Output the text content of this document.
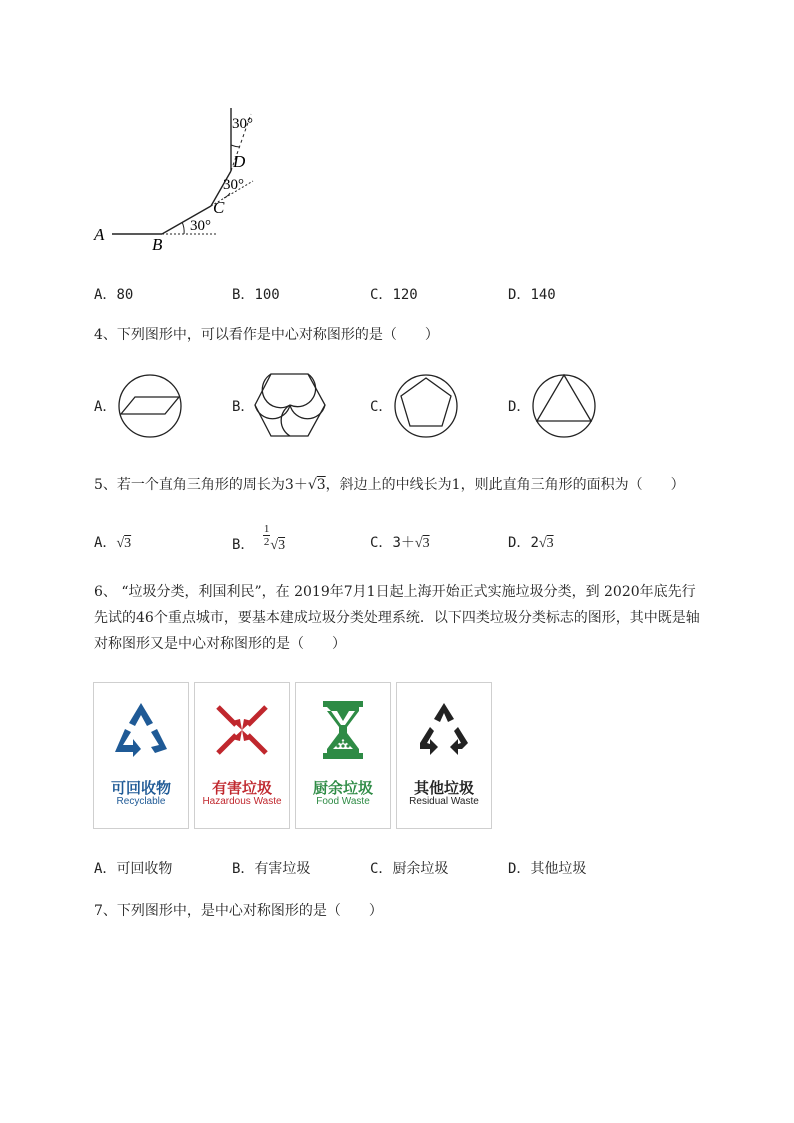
A
B
C
D
30°
30°
30°
A．80	B．100	C．120	D．140
4、下列图形中，可以看作是中心对称图形的是（　　）
A．	B．	C．	D．
5、若一个直角三角形的周长为3＋√3，斜边上的中线长为1，则此直角三角形的面积为（　　）
A．√3	B． $\frac{1}{2} √3$	C．3＋√3	D．2√3
6、 “垃圾分类，利国利民”，在 2019年7月1日起上海开始正式实施垃圾分类，到 2020年底先行
先试的46个重点城市，要基本建成垃圾分类处理系统．以下四类垃圾分类标志的图形，其中既是轴
对称图形又是中心对称图形的是（　　）
可回收物
Recyclable
有害垃圾
Hazardous Waste
厨余垃圾
Food Waste
其他垃圾
Residual Waste
A．可回收物	B．有害垃圾	C．厨余垃圾	D．其他垃圾
7、下列图形中，是中心对称图形的是（　　）
